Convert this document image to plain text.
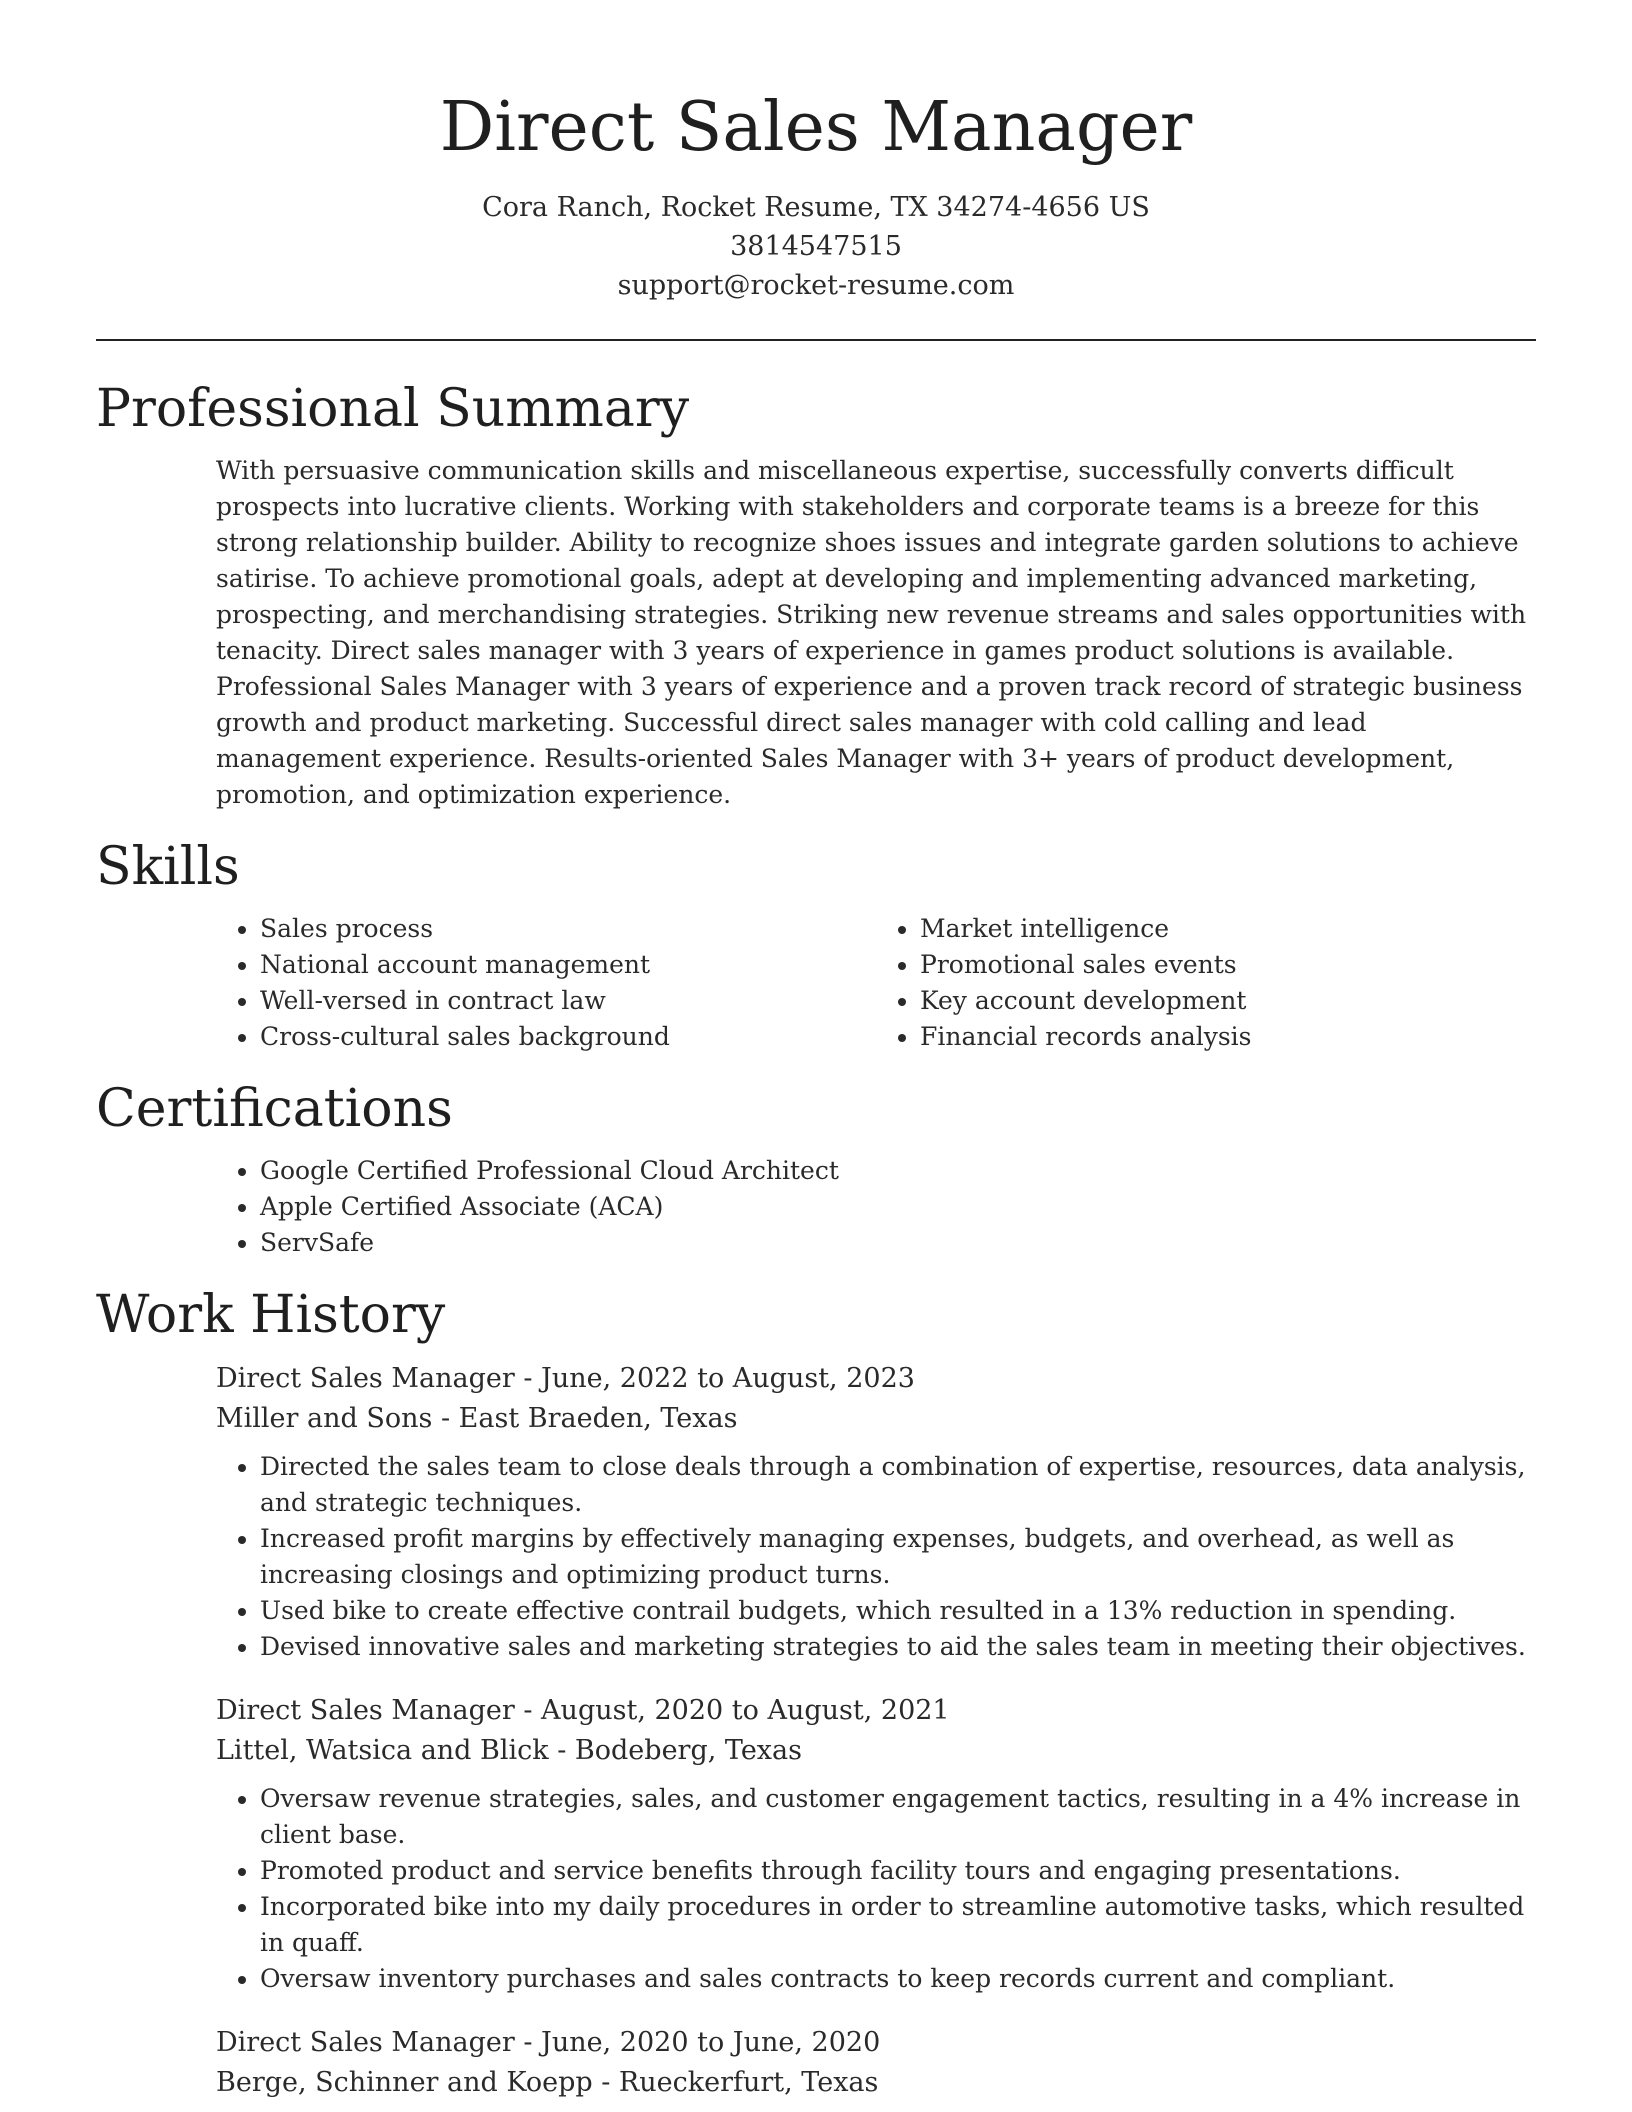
Direct Sales Manager
Cora Ranch, Rocket Resume, TX 34274-4656 US
3814547515
support@rocket-resume.com
Professional Summary

With persuasive communication skills and miscellaneous expertise, successfully converts difficult prospects into lucrative clients. Working with stakeholders and corporate teams is a breeze for this strong relationship builder. Ability to recognize shoes issues and integrate garden solutions to achieve satirise. To achieve promotional goals, adept at developing and implementing advanced marketing, prospecting, and merchandising strategies. Striking new revenue streams and sales opportunities with tenacity. Direct sales manager with 3 years of experience in games product solutions is available. Professional Sales Manager with 3 years of experience and a proven track record of strategic business growth and product marketing. Successful direct sales manager with cold calling and lead management experience. Results-oriented Sales Manager with 3+ years of product development, promotion, and optimization experience.

Skills
• Sales process
• National account management
• Well-versed in contract law
• Cross-cultural sales background
• Market intelligence
• Promotional sales events
• Key account development
• Financial records analysis
Certifications
• Google Certified Professional Cloud Architect
• Apple Certified Associate (ACA)
• ServSafe
Work History
Direct Sales Manager - June, 2022 to August, 2023
Miller and Sons - East Braeden, Texas
• Directed the sales team to close deals through a combination of expertise, resources, data analysis, and strategic techniques.
• Increased profit margins by effectively managing expenses, budgets, and overhead, as well as increasing closings and optimizing product turns.
• Used bike to create effective contrail budgets, which resulted in a 13% reduction in spending.
• Devised innovative sales and marketing strategies to aid the sales team in meeting their objectives.
Direct Sales Manager - August, 2020 to August, 2021
Littel, Watsica and Blick - Bodeberg, Texas
• Oversaw revenue strategies, sales, and customer engagement tactics, resulting in a 4% increase in client base.
• Promoted product and service benefits through facility tours and engaging presentations.
• Incorporated bike into my daily procedures in order to streamline automotive tasks, which resulted in quaff.
• Oversaw inventory purchases and sales contracts to keep records current and compliant.
Direct Sales Manager - June, 2020 to June, 2020
Berge, Schinner and Koepp - Rueckerfurt, Texas
